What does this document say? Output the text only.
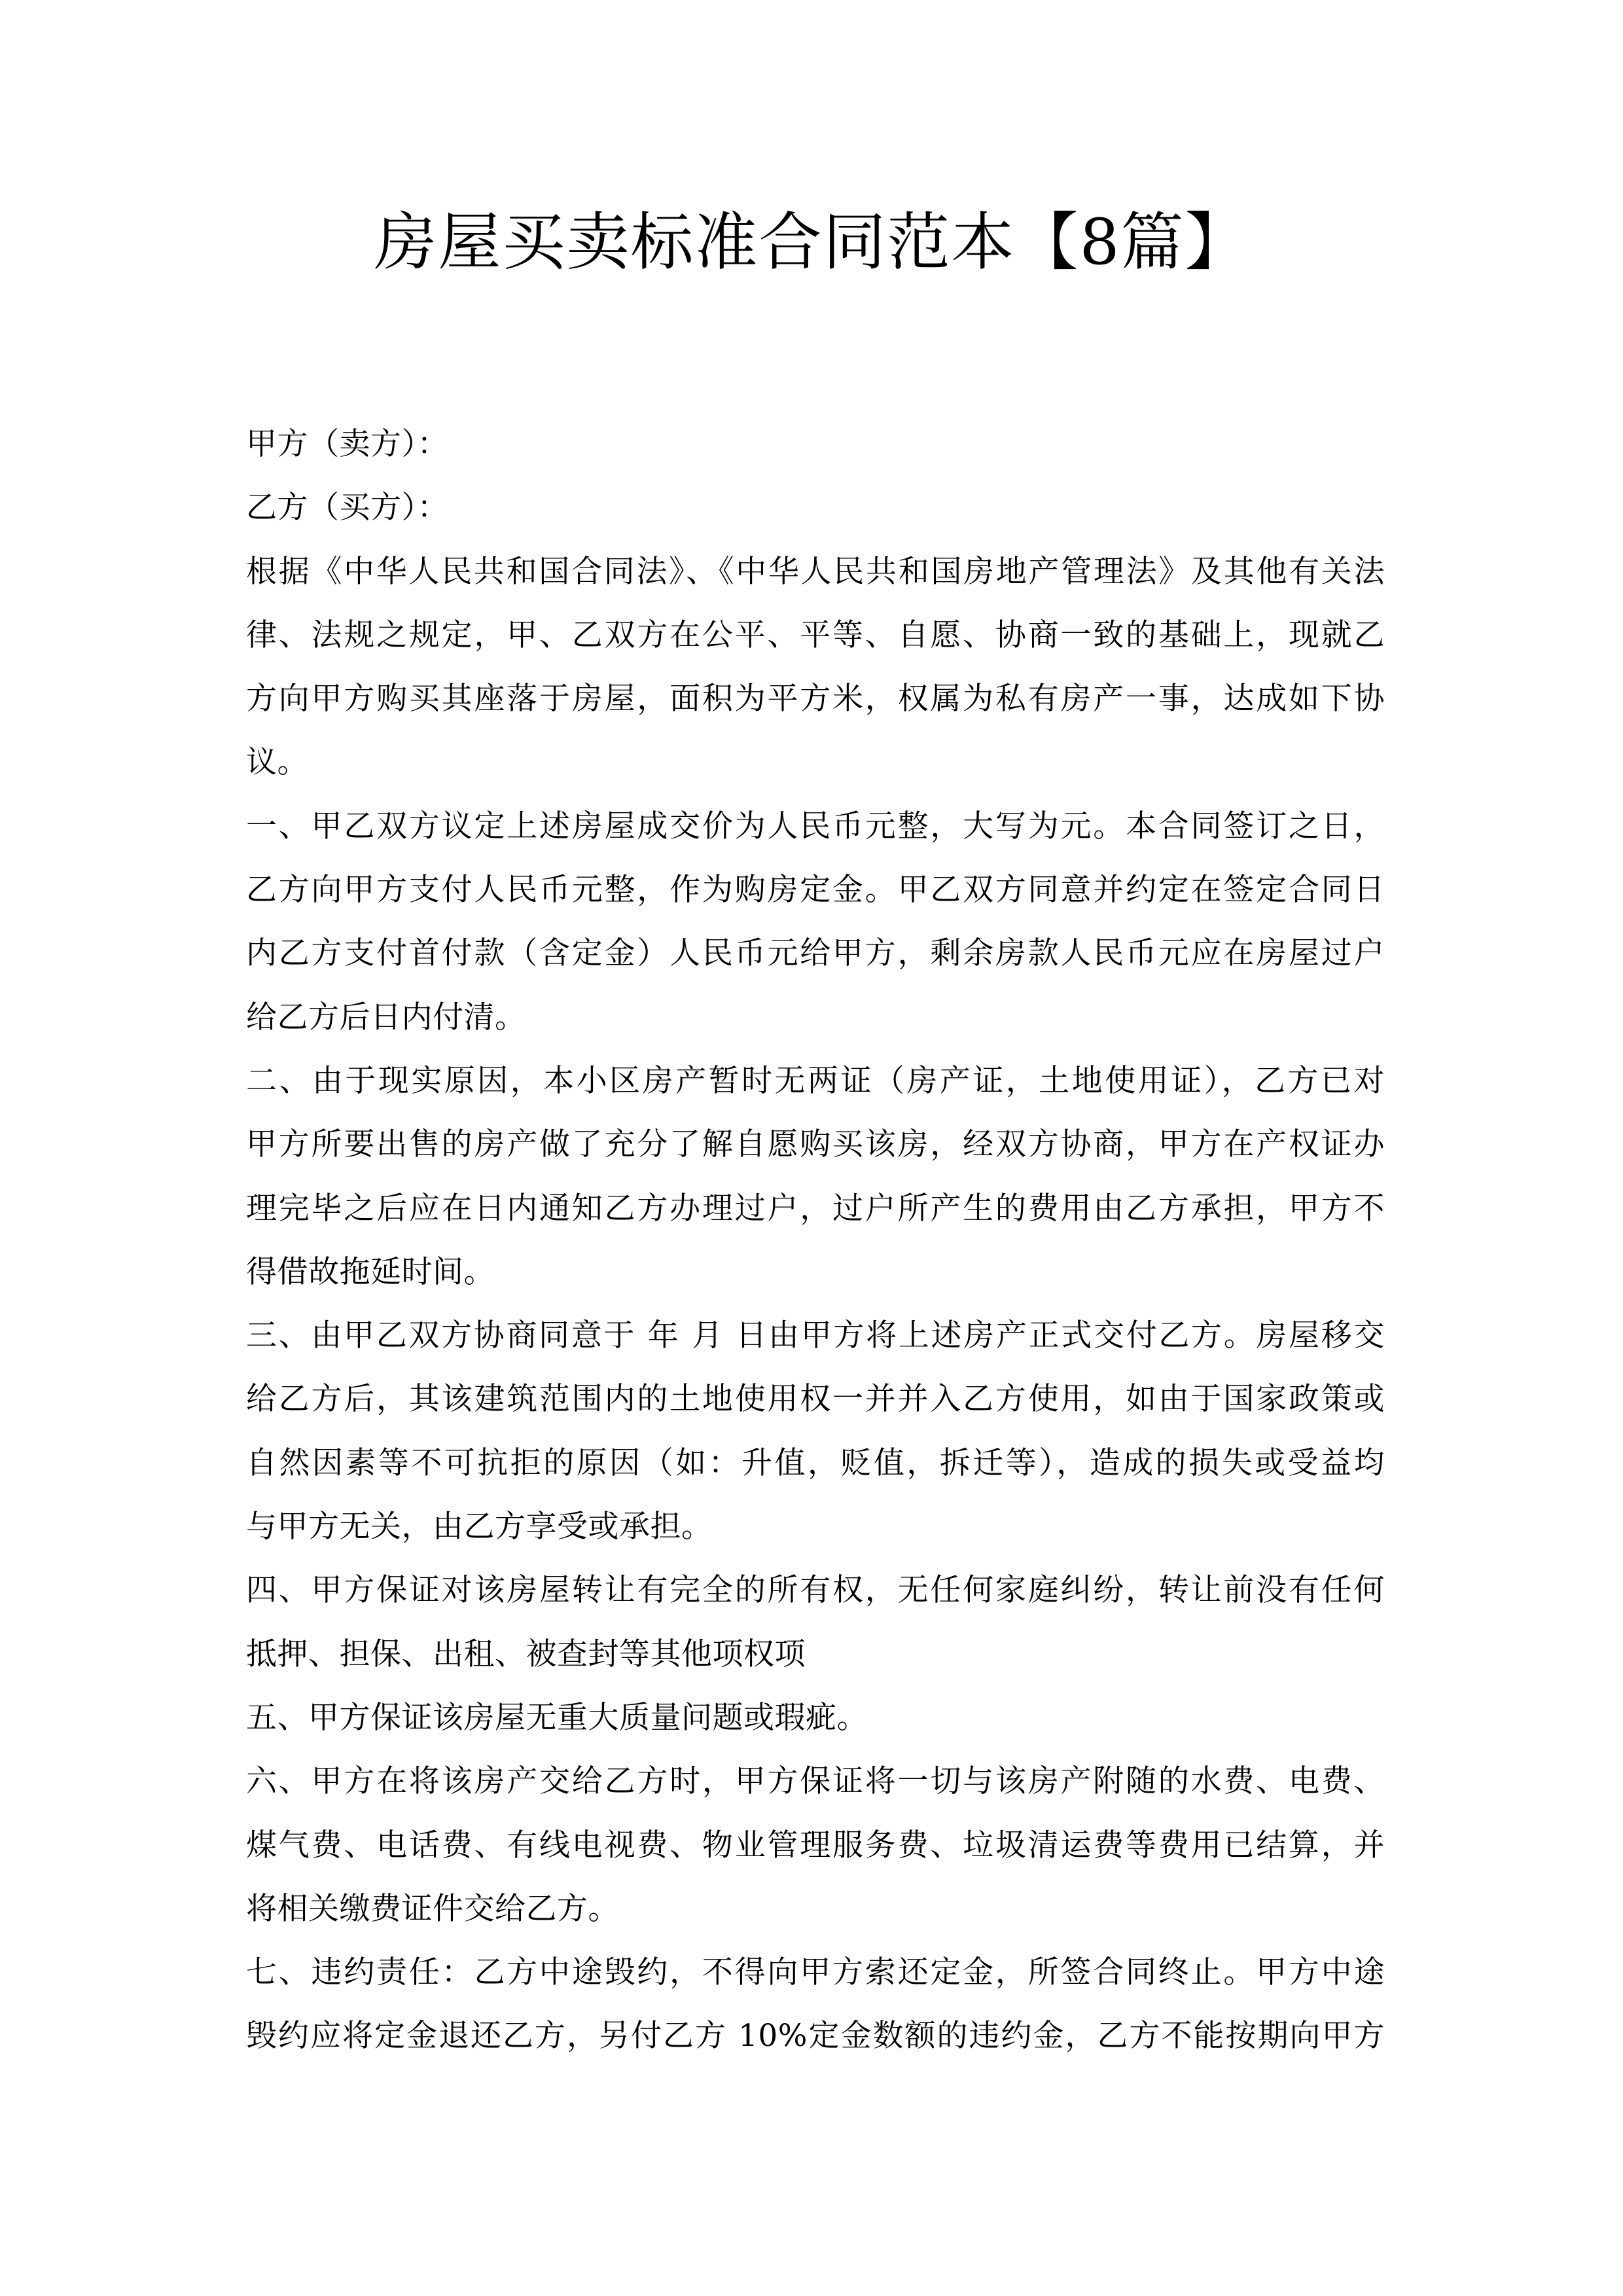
房屋买卖标准合同范本【8篇】
甲方（卖方）：
乙方（买方）：
根据《中华人民共和国合同法》、《中华人民共和国房地产管理法》及其他有关法
律、法规之规定，甲、乙双方在公平、平等、自愿、协商一致的基础上，现就乙
方向甲方购买其座落于房屋，面积为平方米，权属为私有房产一事，达成如下协
议。
一、甲乙双方议定上述房屋成交价为人民币元整，大写为元。本合同签订之日，
乙方向甲方支付人民币元整，作为购房定金。甲乙双方同意并约定在签定合同日
内乙方支付首付款（含定金）人民币元给甲方，剩余房款人民币元应在房屋过户
给乙方后日内付清。
二、由于现实原因，本小区房产暂时无两证（房产证，土地使用证），乙方已对
甲方所要出售的房产做了充分了解自愿购买该房，经双方协商，甲方在产权证办
理完毕之后应在日内通知乙方办理过户，过户所产生的费用由乙方承担，甲方不
得借故拖延时间。
三、由甲乙双方协商同意于 年 月 日由甲方将上述房产正式交付乙方。房屋移交
给乙方后，其该建筑范围内的土地使用权一并并入乙方使用，如由于国家政策或
自然因素等不可抗拒的原因（如：升值，贬值，拆迁等），造成的损失或受益均
与甲方无关，由乙方享受或承担。
四、甲方保证对该房屋转让有完全的所有权，无任何家庭纠纷，转让前没有任何
抵押、担保、出租、被查封等其他项权项
五、甲方保证该房屋无重大质量问题或瑕疵。
六、甲方在将该房产交给乙方时，甲方保证将一切与该房产附随的水费、电费、
煤气费、电话费、有线电视费、物业管理服务费、垃圾清运费等费用已结算，并
将相关缴费证件交给乙方。
七、违约责任：乙方中途毁约，不得向甲方索还定金，所签合同终止。甲方中途
毁约应将定金退还乙方，另付乙方 10%定金数额的违约金，乙方不能按期向甲方
